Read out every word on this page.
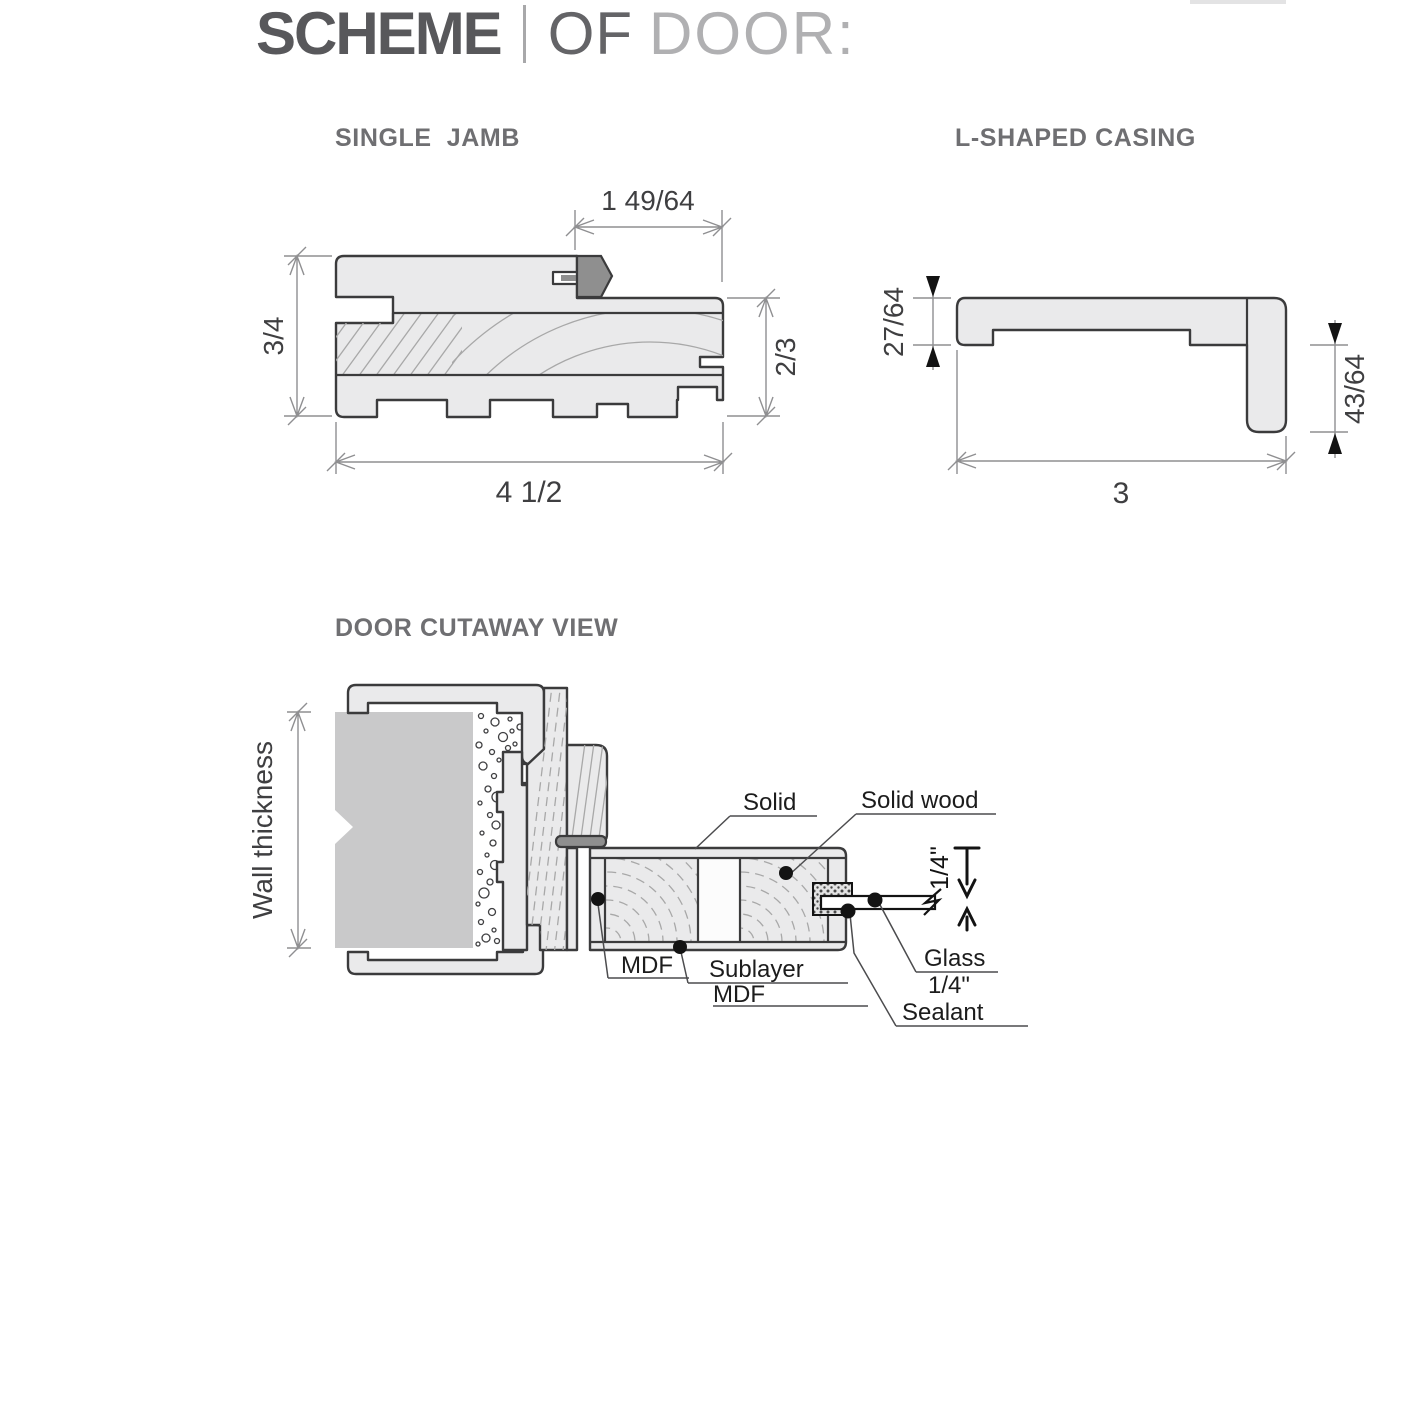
SCHEME OF DOOR:
SINGLE  JAMB	L-SHAPED CASING
DOOR CUTAWAY VIEW
1 49/64
3/4
2/3
4 1/2
27/64
43/64
3
1/4"
Wall thickness	Solid	Solid wood
MDF Sublayer
MDF
Glass
1/4"
Sealant
